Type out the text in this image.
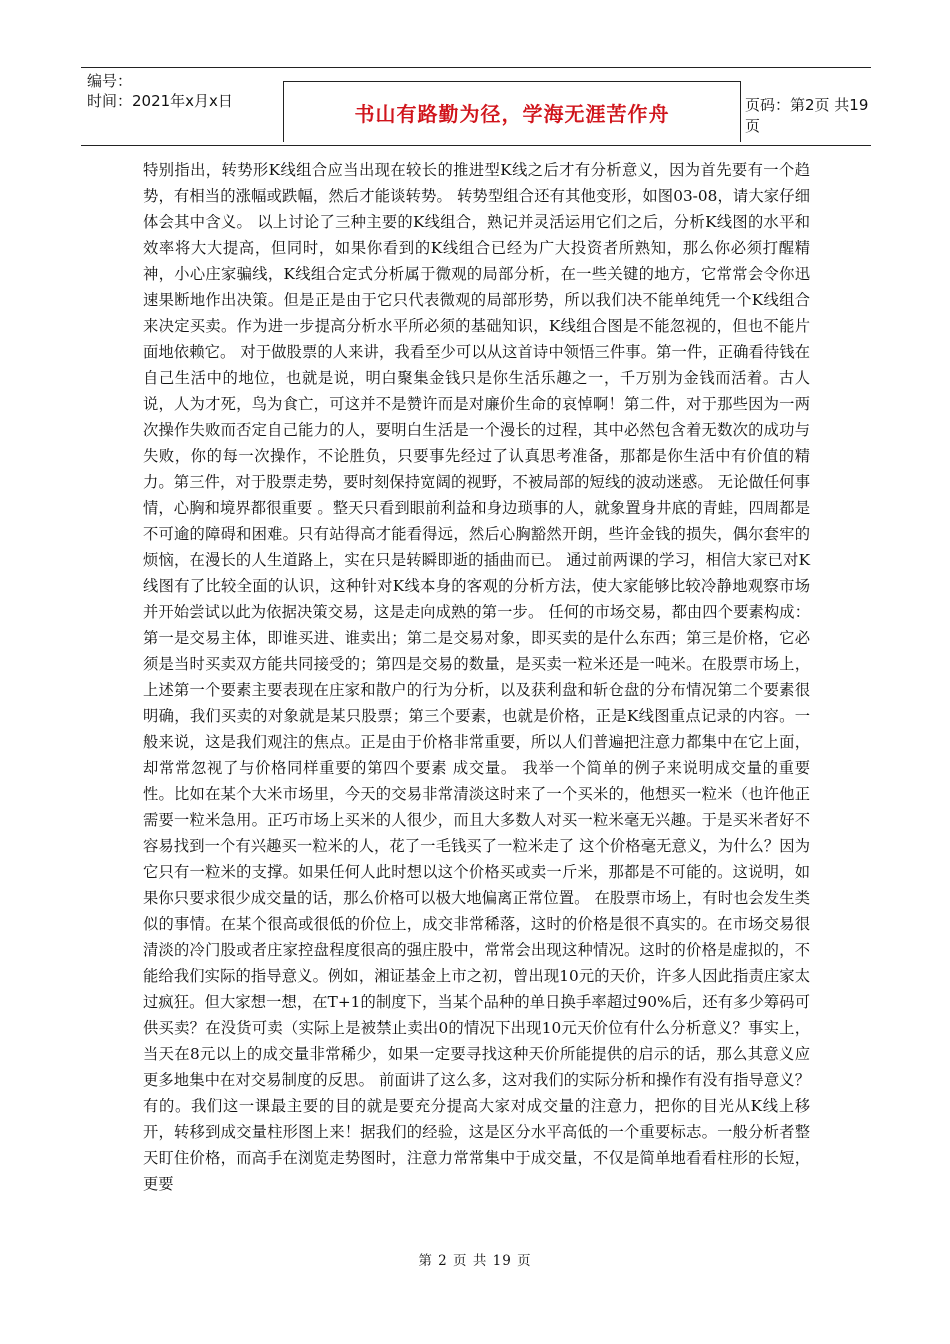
编号：
时间：2021年x月x日
书山有路勤为径，学海无涯苦作舟	页码：第2页 共19页

特别指出，转势形K线组合应当出现在较长的推进型K线之后才有分析意义，因为首先要有一个趋势，有相当的涨幅或跌幅，然后才能谈转势。 转势型组合还有其他变形，如图03-08，请大家仔细体会其中含义。 以上讨论了三种主要的K线组合，熟记并灵活运用它们之后，分析K线图的水平和效率将大大提高，但同时，如果你看到的K线组合已经为广大投资者所熟知，那么你必须打醒精神，小心庄家骗线，K线组合定式分析属于微观的局部分析，在一些关键的地方，它常常会令你迅速果断地作出决策。但是正是由于它只代表微观的局部形势，所以我们决不能单纯凭一个K线组合来决定买卖。作为进一步提高分析水平所必须的基础知识，K线组合图是不能忽视的，但也不能片面地依赖它。 对于做股票的人来讲，我看至少可以从这首诗中领悟三件事。第一件，正确看待钱在自己生活中的地位，也就是说，明白聚集金钱只是你生活乐趣之一，千万别为金钱而活着。古人说，人为才死，鸟为食亡，可这并不是赞许而是对廉价生命的哀悼啊！第二件，对于那些因为一两次操作失败而否定自己能力的人，要明白生活是一个漫长的过程，其中必然包含着无数次的成功与失败，你的每一次操作，不论胜负，只要事先经过了认真思考准备，那都是你生活中有价值的精力。第三件，对于股票走势，要时刻保持宽阔的视野，不被局部的短线的波动迷惑。 无论做任何事情，心胸和境界都很重要 。整天只看到眼前利益和身边琐事的人，就象置身井底的青蛙，四周都是不可逾的障碍和困难。只有站得高才能看得远，然后心胸豁然开朗，些许金钱的损失，偶尔套牢的烦恼，在漫长的人生道路上，实在只是转瞬即逝的插曲而已。 通过前两课的学习，相信大家已对K线图有了比较全面的认识，这种针对K线本身的客观的分析方法，使大家能够比较冷静地观察市场并开始尝试以此为依据决策交易，这是走向成熟的第一步。 任何的市场交易，都由四个要素构成：第一是交易主体，即谁买进、谁卖出；第二是交易对象，即买卖的是什么东西；第三是价格，它必须是当时买卖双方能共同接受的；第四是交易的数量，是买卖一粒米还是一吨米。在股票市场上，上述第一个要素主要表现在庄家和散户的行为分析，以及获利盘和斩仓盘的分布情况第二个要素很明确，我们买卖的对象就是某只股票；第三个要素，也就是价格，正是K线图重点记录的内容。一般来说，这是我们观注的焦点。正是由于价格非常重要，所以人们普遍把注意力都集中在它上面，却常常忽视了与价格同样重要的第四个要素 成交量。 我举一个简单的例子来说明成交量的重要性。比如在某个大米市场里，今天的交易非常清淡这时来了一个买米的，他想买一粒米（也许他正需要一粒米急用。正巧市场上买米的人很少，而且大多数人对买一粒米毫无兴趣。于是买米者好不容易找到一个有兴趣买一粒米的人，花了一毛钱买了一粒米走了 这个价格毫无意义，为什么？因为它只有一粒米的支撑。如果任何人此时想以这个价格买或卖一斤米，那都是不可能的。这说明，如果你只要求很少成交量的话，那么价格可以极大地偏离正常位置。 在股票市场上，有时也会发生类似的事情。在某个很高或很低的价位上，成交非常稀落，这时的价格是很不真实的。在市场交易很清淡的冷门股或者庄家控盘程度很高的强庄股中，常常会出现这种情况。这时的价格是虚拟的，不能给我们实际的指导意义。例如，湘证基金上市之初，曾出现10元的天价，许多人因此指责庄家太过疯狂。但大家想一想，在T+1的制度下，当某个品种的单日换手率超过90%后，还有多少筹码可供买卖？在没货可卖（实际上是被禁止卖出0的情况下出现10元天价位有什么分析意义？事实上，当天在8元以上的成交量非常稀少，如果一定要寻找这种天价所能提供的启示的话，那么其意义应更多地集中在对交易制度的反思。 前面讲了这么多，这对我们的实际分析和操作有没有指导意义？有的。我们这一课最主要的目的就是要充分提高大家对成交量的注意力，把你的目光从K线上移开，转移到成交量柱形图上来！据我们的经验，这是区分水平高低的一个重要标志。一般分析者整天盯住价格，而高手在浏览走势图时，注意力常常集中于成交量，不仅是简单地看看柱形的长短，更要

第 2 页 共 19 页
